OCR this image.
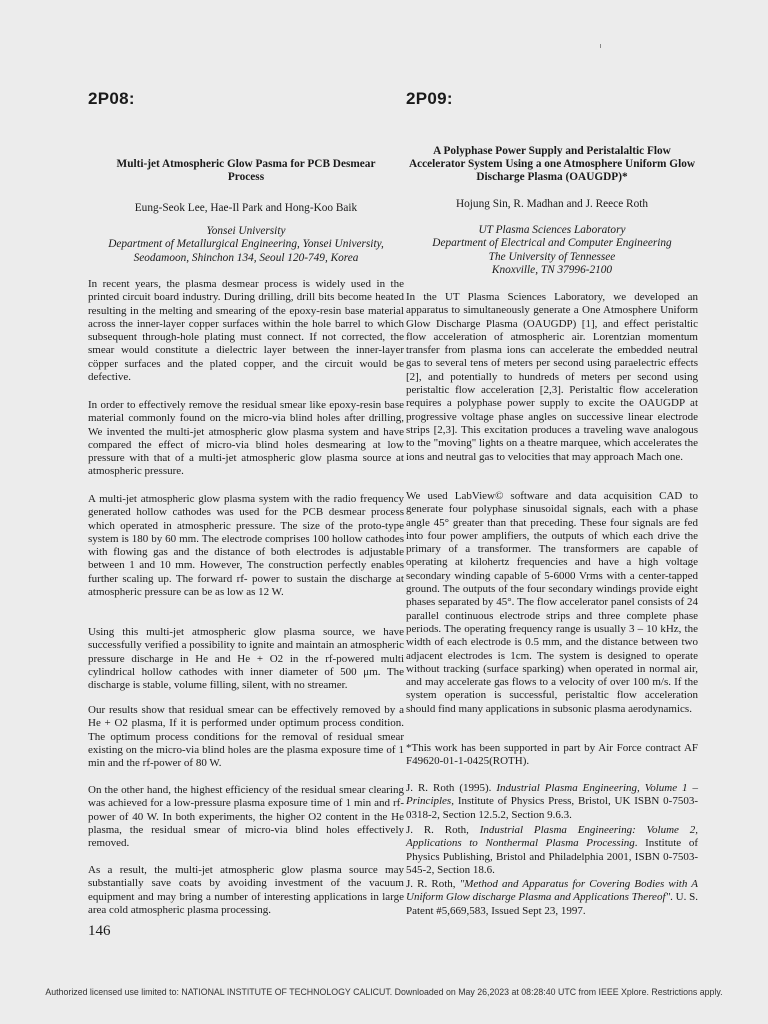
2P08:
Multi-jet Atmospheric Glow Pasma for PCB Desmear Process
Eung-Seok Lee, Hae-Il Park and Hong-Koo Baik
Yonsei University
Department of Metallurgical Engineering, Yonsei University,
Seodamoon, Shinchon 134, Seoul 120-749, Korea
In recent years, the plasma desmear process is widely used in the printed circuit board industry. During drilling, drill bits become heated resulting in the melting and smearing of the epoxy-resin base material across the inner-layer copper surfaces within the hole barrel to which subsequent through-hole plating must connect. If not corrected, the smear would constitute a dielectric layer between the inner-layer cöpper surfaces and the plated copper, and the circuit would be defective.
In order to effectively remove the residual smear like epoxy-resin base material commonly found on the micro-via blind holes after drilling, We invented the multi-jet atmospheric glow plasma system and have compared the effect of micro-via blind holes desmearing at low pressure with that of a multi-jet atmospheric glow plasma source at atmospheric pressure.
A multi-jet atmospheric glow plasma system with the radio frequency generated hollow cathodes was used for the PCB desmear process which operated in atmospheric pressure. The size of the proto-type system is 180 by 60 mm. The electrode comprises 100 hollow cathodes with flowing gas and the distance of both electrodes is adjustable between 1 and 10 mm. However, The construction perfectly enables further scaling up. The forward rf- power to sustain the discharge at atmospheric pressure can be as low as 12 W.
Using this multi-jet atmospheric glow plasma source, we have successfully verified a possibility to ignite and maintain an atmospheric pressure discharge in He and He + O2 in the rf-powered multi cylindrical hollow cathodes with inner diameter of 500 μm. The discharge is stable, volume filling, silent, with no streamer.
Our results show that residual smear can be effectively removed by a He + O2 plasma, If it is performed under optimum process condition. The optimum process conditions for the removal of residual smear existing on the micro-via blind holes are the plasma exposure time of 1 min and the rf-power of 80 W.
On the other hand, the highest efficiency of the residual smear clearing was achieved for a low-pressure plasma exposure time of 1 min and rf-power of 40 W. In both experiments, the higher O2 content in the He plasma, the residual smear of micro-via blind holes effectively removed.
As a result, the multi-jet atmospheric glow plasma source may substantially save coats by avoiding investment of the vacuum equipment and may bring a number of interesting applications in large area cold atmospheric plasma processing.
2P09:
A Polyphase Power Supply and Peristalaltic Flow Accelerator System Using a one Atmosphere Uniform Glow Discharge Plasma (OAUGDP)*
Hojung Sin, R. Madhan and J. Reece Roth
UT Plasma Sciences Laboratory
Department of Electrical and Computer Engineering
The University of Tennessee
Knoxville, TN 37996-2100
In the UT Plasma Sciences Laboratory, we developed an apparatus to simultaneously generate a One Atmosphere Uniform Glow Discharge Plasma (OAUGDP) [1], and effect peristaltic flow acceleration of atmospheric air. Lorentzian momentum transfer from plasma ions can accelerate the embedded neutral gas to several tens of meters per second using paraelectric effects [2], and potentially to hundreds of meters per second using peristaltic flow acceleration [2,3]. Peristaltic flow acceleration requires a polyphase power supply to excite the OAUGDP at progressive voltage phase angles on successive linear electrode strips [2,3]. This excitation produces a traveling wave analogous to the "moving" lights on a theatre marquee, which accelerates the ions and neutral gas to velocities that may approach Mach one.
We used LabView© software and data acquisition CAD to generate four polyphase sinusoidal signals, each with a phase angle 45° greater than that preceding. These four signals are fed into four power amplifiers, the outputs of which each drive the primary of a transformer. The transformers are capable of operating at kilohertz frequencies and have a high voltage secondary winding capable of 5-6000 Vrms with a center-tapped ground. The outputs of the four secondary windings provide eight phases separated by 45°. The flow accelerator panel consists of 24 parallel continuous electrode strips and three complete phase periods. The operating frequency range is usually 3 – 10 kHz, the width of each electrode is 0.5 mm, and the distance between two adjacent electrodes is 1cm. The system is designed to operate without tracking (surface sparking) when operated in normal air, and may accelerate gas flows to a velocity of over 100 m/s. If the system operation is successful, peristaltic flow acceleration should find many applications in subsonic plasma aerodynamics.
*This work has been supported in part by Air Force contract AF F49620-01-1-0425(ROTH).
J. R. Roth (1995). Industrial Plasma Engineering, Volume 1 – Principles, Institute of Physics Press, Bristol, UK ISBN 0-7503-0318-2, Section 12.5.2, Section 9.6.3.
J. R. Roth, Industrial Plasma Engineering: Volume 2, Applications to Nonthermal Plasma Processing. Institute of Physics Publishing, Bristol and Philadelphia 2001, ISBN 0-7503-545-2, Section 18.6.
J. R. Roth, "Method and Apparatus for Covering Bodies with A Uniform Glow discharge Plasma and Applications Thereof". U. S. Patent #5,669,583, Issued Sept 23, 1997.
146
Authorized licensed use limited to: NATIONAL INSTITUTE OF TECHNOLOGY CALICUT. Downloaded on May 26,2023 at 08:28:40 UTC from IEEE Xplore. Restrictions apply.
